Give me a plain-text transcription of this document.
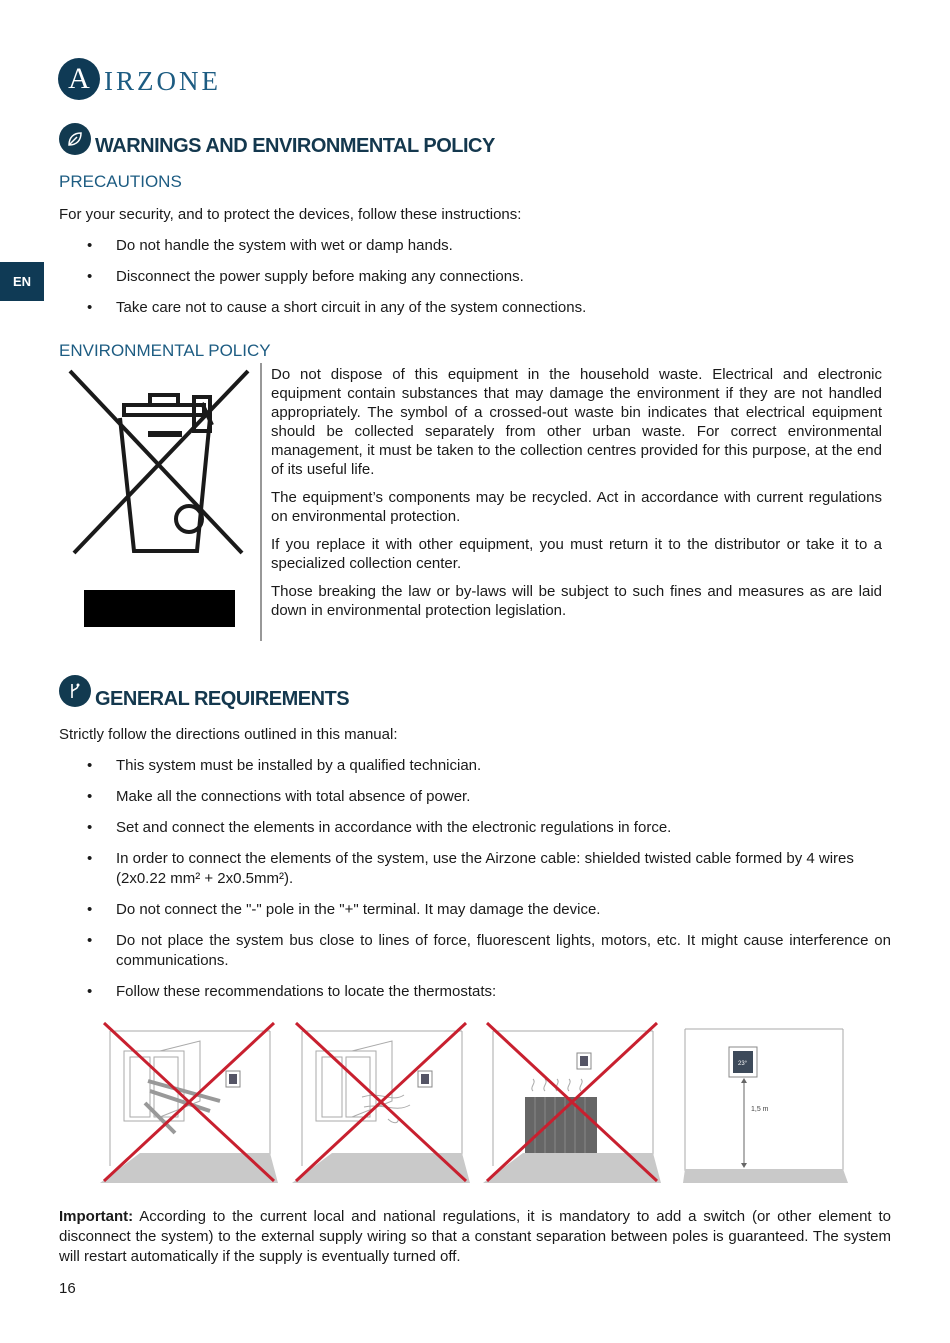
A IRZONE
EN
WARNINGS AND ENVIRONMENTAL POLICY
PRECAUTIONS
For your security, and to protect the devices, follow these instructions:
• Do not handle the system with wet or damp hands.
• Disconnect the power supply before making any connections.
• Take care not to cause a short circuit in any of the system connections.
ENVIRONMENTAL POLICY

Do not dispose of this equipment in the household waste. Electrical and electronic equipment contain substances that may damage the environment if they are not handled appropriately. The symbol of a crossed-out waste bin indicates that electrical equipment should be collected separately from other urban waste. For correct environmental management, it must be taken to the collection centres provided for this purpose, at the end of its useful life.

The equipment’s components may be recycled. Act in accordance with current regulations on environmental protection.

If you replace it with other equipment, you must return it to the distributor or take it to a specialized collection center.

Those breaking the law or by-laws will be subject to such fines and measures as are laid down in environmental protection legislation.

GENERAL REQUIREMENTS
Strictly follow the directions outlined in this manual:
• This system must be installed by a qualified technician.
• Make all the connections with total absence of power.
• Set and connect the elements in accordance with the electronic regulations in force.
• In order to connect the elements of the system, use the Airzone cable: shielded twisted cable formed by 4 wires
(2x0.22 mm² + 2x0.5mm²).
• Do not connect the "-" pole in the "+" terminal. It may damage the device.
• Do not place the system bus close to lines of force, fluorescent lights, motors, etc. It might cause interference on communications.
• Follow these recommendations to locate the thermostats:
23°
1,5 m
Important: According to the current local and national regulations, it is mandatory to add a switch (or other element to disconnect the system) to the external supply wiring so that a constant separation between poles is guaranteed. The system will restart automatically if the supply is eventually turned off.
16
